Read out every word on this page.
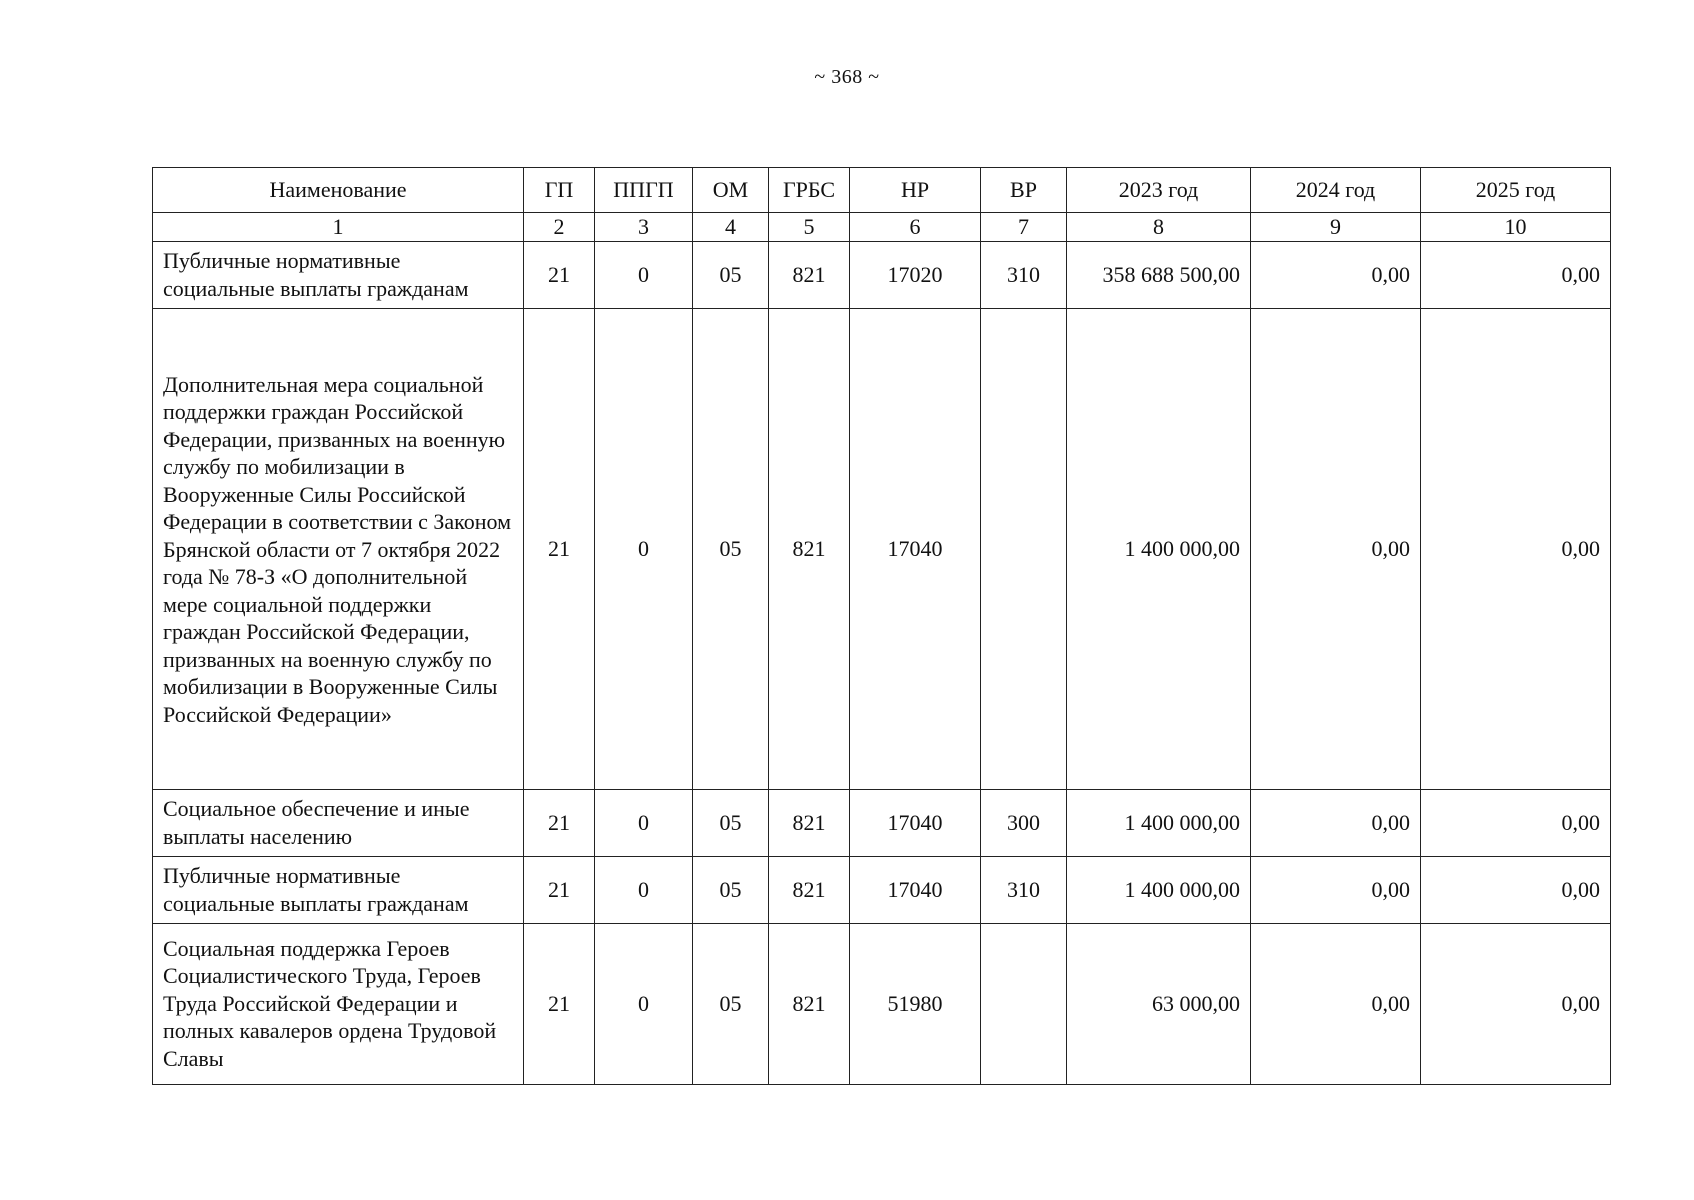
~ 368 ~
Наименование	ГП	ППГП	ОМ	ГРБС	НР	ВР	2023 год	2024 год	2025 год
1	2	3	4	5	6	7	8	9	10
Публичные нормативные социальные выплаты гражданам	21	0	05	821	17020	310	358 688 500,00	0,00	0,00
Дополнительная мера социальной поддержки граждан Российской Федерации, призванных на военную службу по мобилизации в Вооруженные Силы Российской Федерации в соответствии с Законом Брянской области от 7 октября 2022 года № 78-З «О дополнительной мере социальной поддержки граждан Российской Федерации, призванных на военную службу по мобилизации в Вооруженные Силы Российской Федерации»	21	0	05	821	17040		1 400 000,00	0,00	0,00
Социальное обеспечение и иные выплаты населению	21	0	05	821	17040	300	1 400 000,00	0,00	0,00
Публичные нормативные социальные выплаты гражданам	21	0	05	821	17040	310	1 400 000,00	0,00	0,00
Социальная поддержка Героев Социалистического Труда, Героев Труда Российской Федерации и полных кавалеров ордена Трудовой Славы	21	0	05	821	51980		63 000,00	0,00	0,00
